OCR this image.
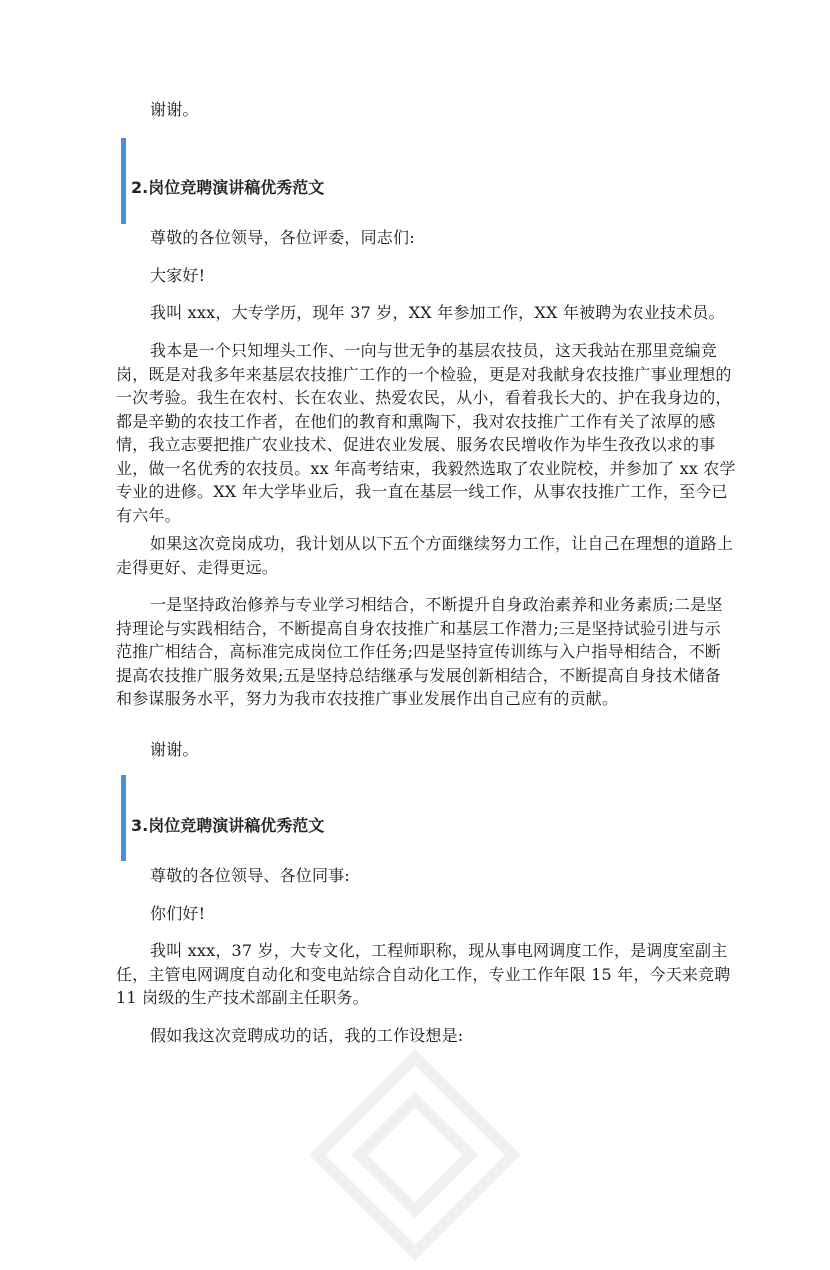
谢谢。

2.岗位竞聘演讲稿优秀范文

尊敬的各位领导，各位评委，同志们:

大家好!

我叫 xxx，大专学历，现年 37 岁，XX 年参加工作，XX 年被聘为农业技术员。

我本是一个只知埋头工作、一向与世无争的基层农技员，这天我站在那里竞编竞岗，既是对我多年来基层农技推广工作的一个检验，更是对我献身农技推广事业理想的一次考验。我生在农村、长在农业、热爱农民，从小，看着我长大的、护在我身边的，都是辛勤的农技工作者，在他们的教育和熏陶下，我对农技推广工作有关了浓厚的感情，我立志要把推广农业技术、促进农业发展、服务农民增收作为毕生孜孜以求的事业，做一名优秀的农技员。xx 年高考结束，我毅然选取了农业院校，并参加了 xx 农学专业的进修。XX 年大学毕业后，我一直在基层一线工作，从事农技推广工作，至今已有六年。

如果这次竞岗成功，我计划从以下五个方面继续努力工作，让自己在理想的道路上走得更好、走得更远。

一是坚持政治修养与专业学习相结合，不断提升自身政治素养和业务素质;二是坚持理论与实践相结合，不断提高自身农技推广和基层工作潜力;三是坚持试验引进与示范推广相结合，高标准完成岗位工作任务;四是坚持宣传训练与入户指导相结合，不断提高农技推广服务效果;五是坚持总结继承与发展创新相结合，不断提高自身技术储备和参谋服务水平，努力为我市农技推广事业发展作出自己应有的贡献。

谢谢。

3.岗位竞聘演讲稿优秀范文

尊敬的各位领导、各位同事:

你们好!

我叫 xxx，37 岁，大专文化，工程师职称，现从事电网调度工作，是调度室副主任，主管电网调度自动化和变电站综合自动化工作，专业工作年限 15 年，今天来竞聘 11 岗级的生产技术部副主任职务。

假如我这次竞聘成功的话，我的工作设想是:
